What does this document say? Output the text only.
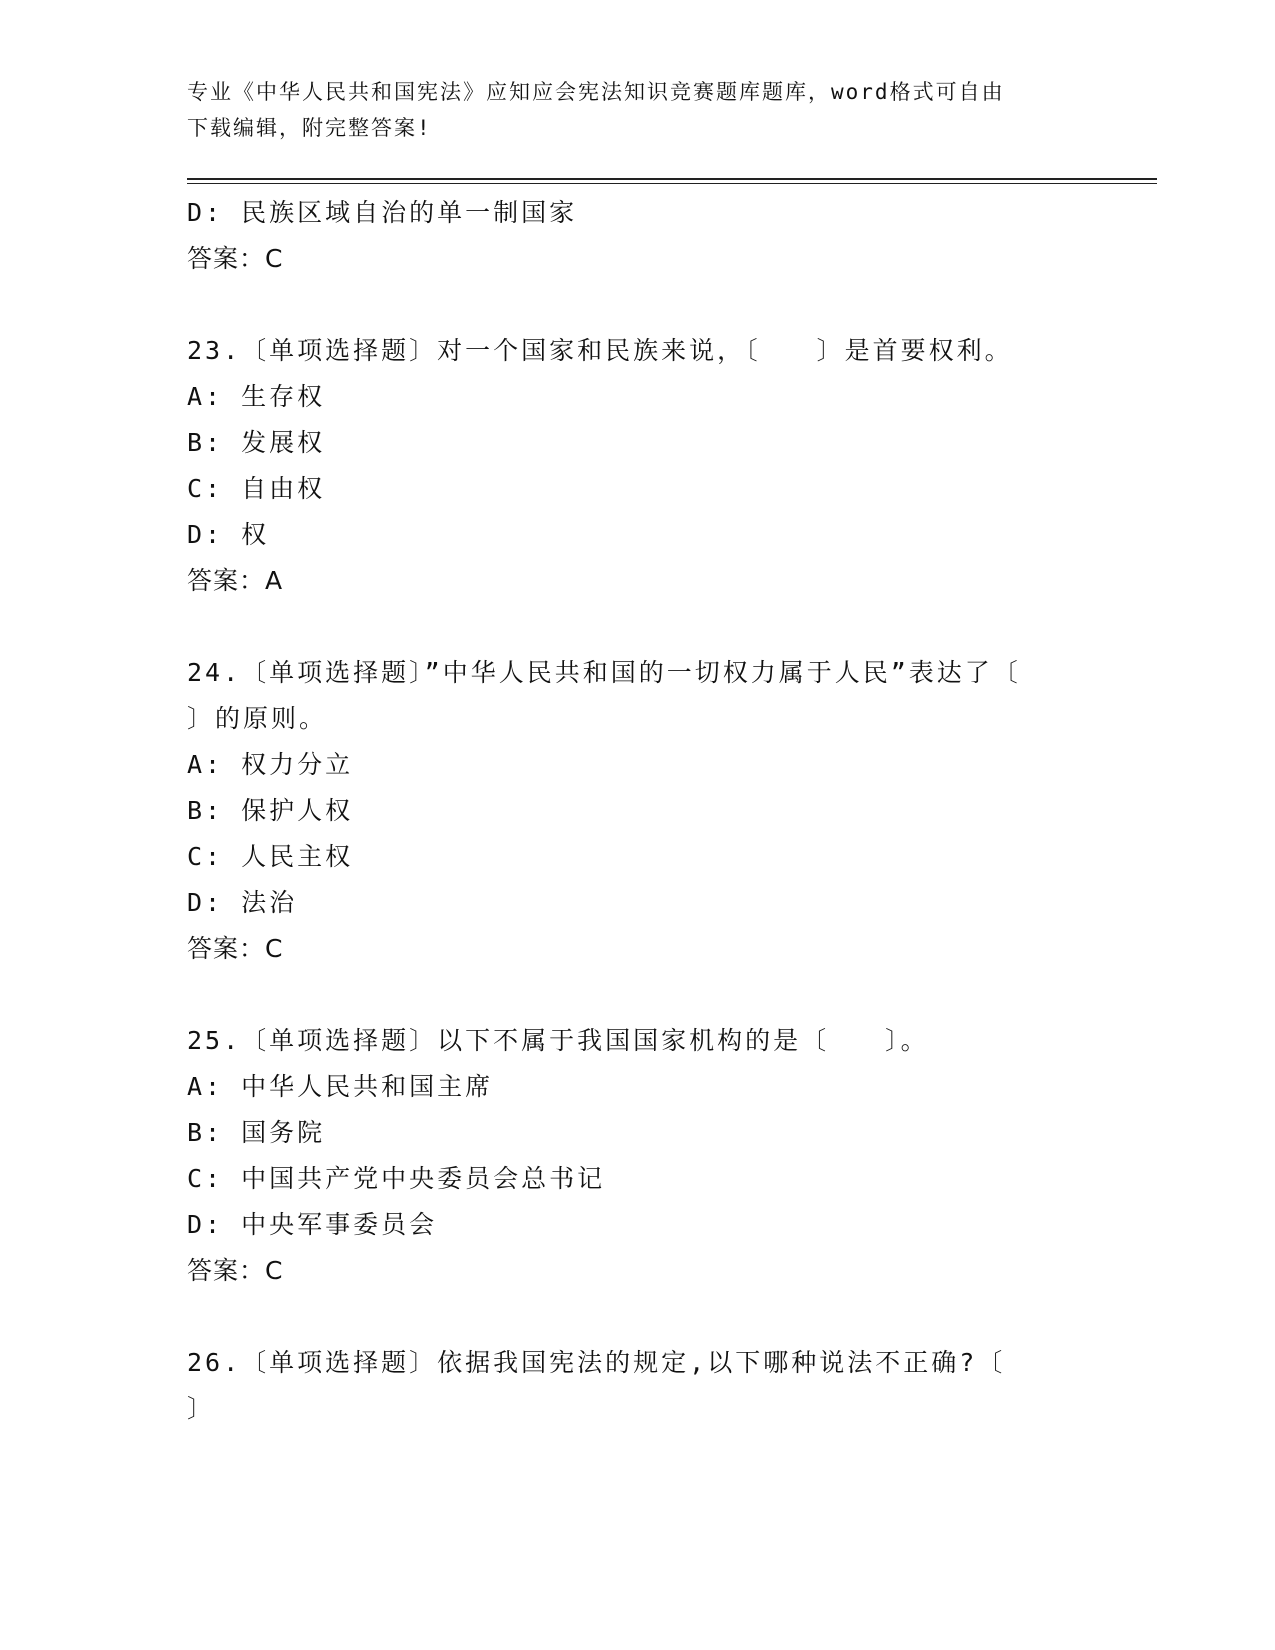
专业《中华人民共和国宪法》应知应会宪法知识竞赛题库题库，word格式可自由
下载编辑，附完整答案!
D: 民族区域自治的单一制国家
答案：C
23.〔单项选择题〕对一个国家和民族来说，〔　　〕是首要权利。
A: 生存权
B: 发展权
C: 自由权
D: 权
答案：A
24.〔单项选择题〕”中华人民共和国的一切权力属于人民”表达了〔
〕的原则。
A: 权力分立
B: 保护人权
C: 人民主权
D: 法治
答案：C
25.〔单项选择题〕以下不属于我国国家机构的是〔　　〕。
A: 中华人民共和国主席
B: 国务院
C: 中国共产党中央委员会总书记
D: 中央军事委员会
答案：C
26.〔单项选择题〕依据我国宪法的规定,以下哪种说法不正确?〔
〕
